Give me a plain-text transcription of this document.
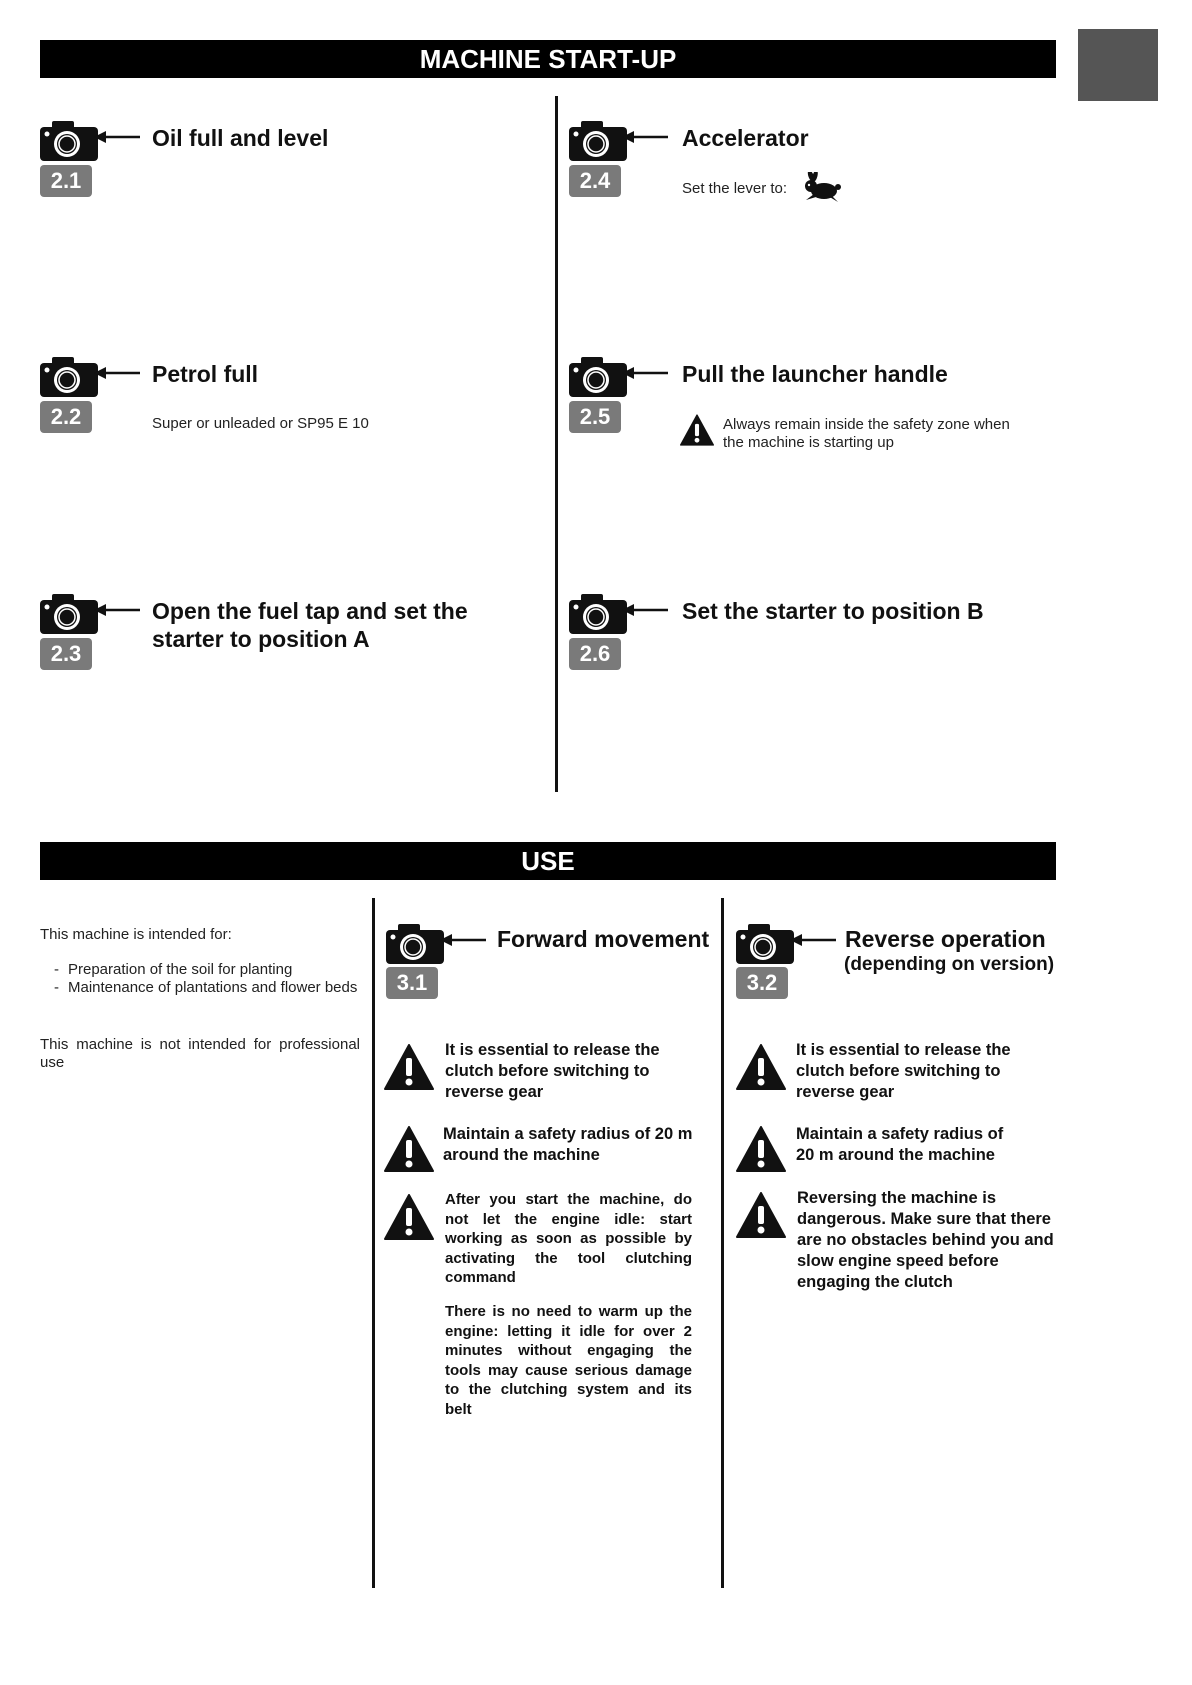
MACHINE START-UP
2.1
Oil full and level
2.4
Accelerator
Set the lever to:
2.2
Petrol full
Super or unleaded or SP95 E 10	2.5
Pull the launcher handle
Always remain inside the safety zone when
the machine is starting up
2.3
Open the fuel tap and set the
starter to position A
2.6
Set the starter to position B
USE
This machine is intended for:
- Preparation of the soil for planting
- Maintenance of plantations and flower beds
This machine is not intended for professional use
3.1
Forward movement
It is essential to release the clutch before switching to reverse gear
Maintain a safety radius of 20 m around the machine
After you start the machine, do not let the engine idle: start working as soon as possible by activating the tool clutching command
There is no need to warm up the engine: letting it idle for over 2 minutes without engaging the tools may cause serious damage to the clutching system and its belt
3.2
Reverse operation
(depending on version)
It is essential to release the clutch before switching to reverse gear
Maintain a safety radius of 20 m around the machine
Reversing the machine is dangerous. Make sure that there are no obstacles behind you and slow engine speed before engaging the clutch
